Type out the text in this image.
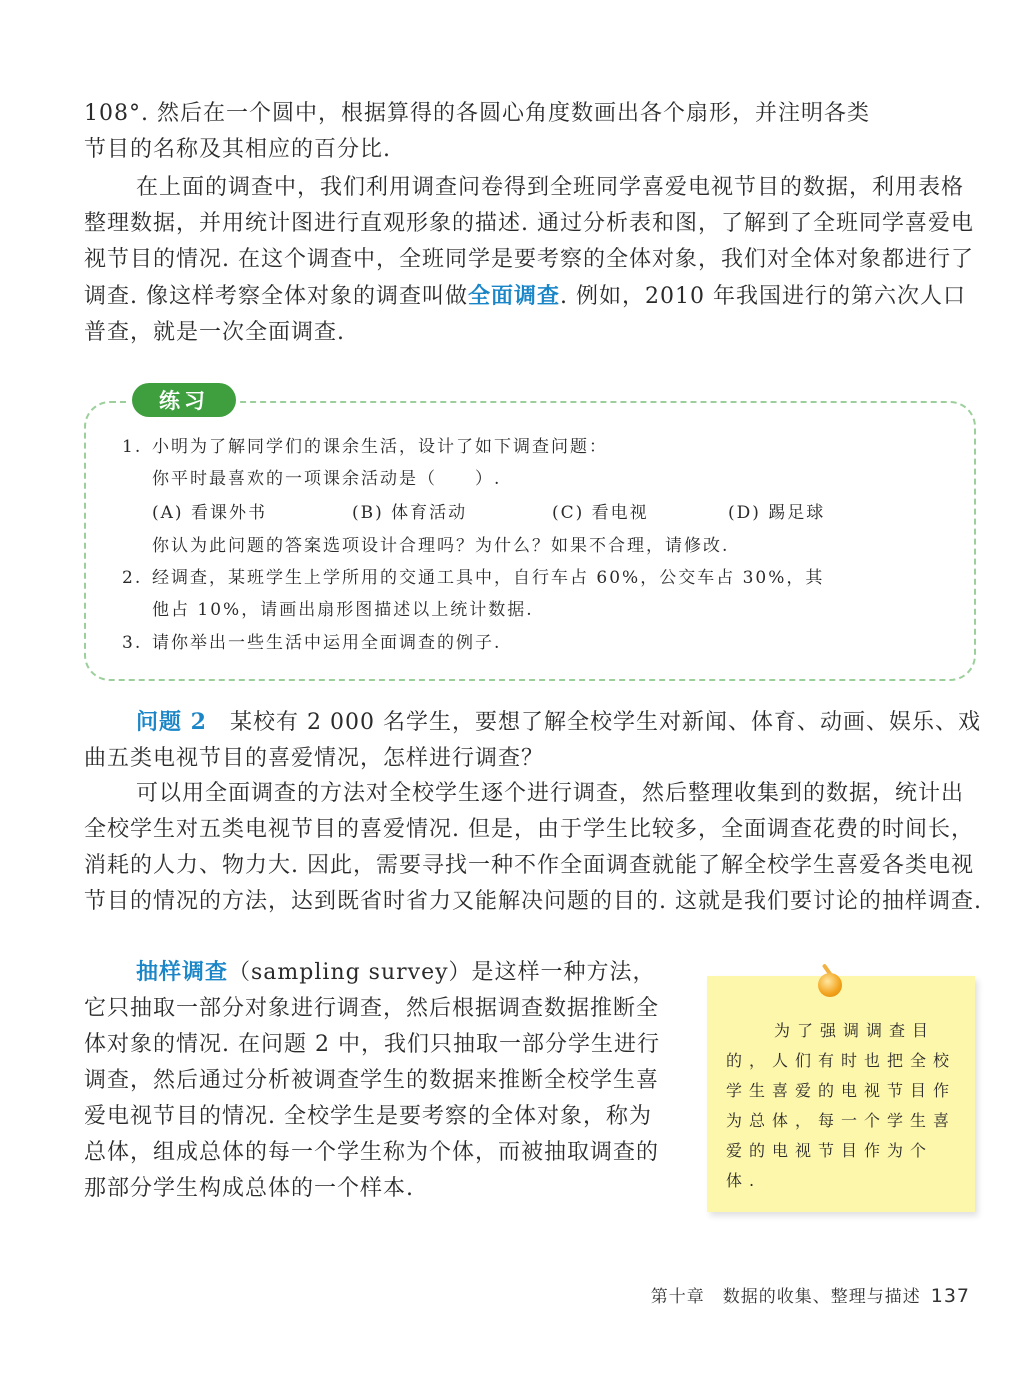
108°. 然后在一个圆中，根据算得的各圆心角度数画出各个扇形，并注明各类
节目的名称及其相应的百分比.

在上面的调查中，我们利用调查问卷得到全班同学喜爱电视节目的数据，利用表格整理数据，并用统计图进行直观形象的描述. 通过分析表和图，了解到了全班同学喜爱电视节目的情况. 在这个调查中，全班同学是要考察的全体对象，我们对全体对象都进行了调查. 像这样考察全体对象的调查叫做全面调查. 例如，2010 年我国进行的第六次人口普查，就是一次全面调查.

练习

1. 小明为了解同学们的课余生活，设计了如下调查问题：

你平时最喜欢的一项课余活动是（　　）.

(A) 看课外书	(B) 体育活动	(C) 看电视	(D) 踢足球

你认为此问题的答案选项设计合理吗？为什么？如果不合理，请修改.

2. 经调查，某班学生上学所用的交通工具中，自行车占 60%，公交车占 30%，其

他占 10%，请画出扇形图描述以上统计数据.

3. 请你举出一些生活中运用全面调查的例子.

问题 2　 某校有 2 000 名学生，要想了解全校学生对新闻、体育、动画、娱乐、戏曲五类电视节目的喜爱情况，怎样进行调查？

可以用全面调查的方法对全校学生逐个进行调查，然后整理收集到的数据，统计出全校学生对五类电视节目的喜爱情况. 但是，由于学生比较多，全面调查花费的时间长，消耗的人力、物力大. 因此，需要寻找一种不作全面调查就能了解全校学生喜爱各类电视节目的情况的方法，达到既省时省力又能解决问题的目的. 这就是我们要讨论的抽样调查.

抽样调查（sampling survey）是这样一种方法，它只抽取一部分对象进行调查，然后根据调查数据推断全体对象的情况. 在问题 2 中，我们只抽取一部分学生进行调查，然后通过分析被调查学生的数据来推断全校学生喜爱电视节目的情况. 全校学生是要考察的全体对象，称为总体，组成总体的每一个学生称为个体，而被抽取调查的那部分学生构成总体的一个样本.

为了强调调查目的，人们有时也把全校学生喜爱的电视节目作为总体，每一个学生喜爱的电视节目作为个体.

第十章　数据的收集、整理与描述 137
